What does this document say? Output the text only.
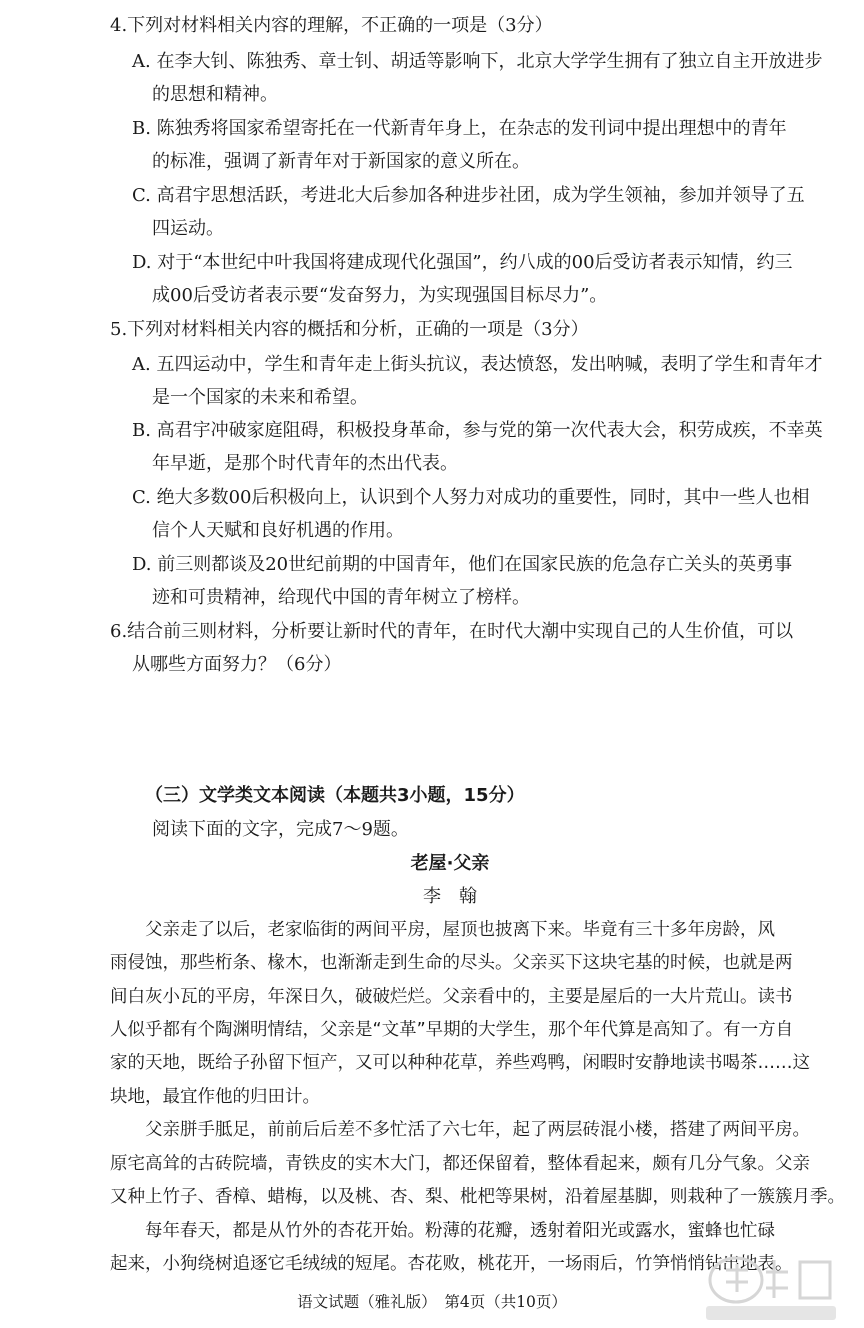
4.下列对材料相关内容的理解，不正确的一项是（3分）
A. 在李大钊、陈独秀、章士钊、胡适等影响下，北京大学学生拥有了独立自主开放进步
的思想和精神。
B. 陈独秀将国家希望寄托在一代新青年身上，在杂志的发刊词中提出理想中的青年
的标准，强调了新青年对于新国家的意义所在。
C. 高君宇思想活跃，考进北大后参加各种进步社团，成为学生领袖，参加并领导了五
四运动。
D. 对于“本世纪中叶我国将建成现代化强国”，约八成的00后受访者表示知情，约三
成00后受访者表示要“发奋努力，为实现强国目标尽力”。
5.下列对材料相关内容的概括和分析，正确的一项是（3分）
A. 五四运动中，学生和青年走上街头抗议，表达愤怒，发出呐喊，表明了学生和青年才
是一个国家的未来和希望。
B. 高君宇冲破家庭阻碍，积极投身革命，参与党的第一次代表大会，积劳成疾，不幸英
年早逝，是那个时代青年的杰出代表。
C. 绝大多数00后积极向上，认识到个人努力对成功的重要性，同时，其中一些人也相
信个人天赋和良好机遇的作用。
D. 前三则都谈及20世纪前期的中国青年，他们在国家民族的危急存亡关头的英勇事
迹和可贵精神，给现代中国的青年树立了榜样。
6.结合前三则材料，分析要让新时代的青年，在时代大潮中实现自己的人生价值，可以
从哪些方面努力？（6分）
（三）文学类文本阅读（本题共3小题，15分）
阅读下面的文字，完成7～9题。
老屋·父亲
李　翰
　　父亲走了以后，老家临街的两间平房，屋顶也披离下来。毕竟有三十多年房龄，风
雨侵蚀，那些桁条、椽木，也渐渐走到生命的尽头。父亲买下这块宅基的时候，也就是两
间白灰小瓦的平房，年深日久，破破烂烂。父亲看中的，主要是屋后的一大片荒山。读书
人似乎都有个陶渊明情结，父亲是“文革”早期的大学生，那个年代算是高知了。有一方自
家的天地，既给子孙留下恒产，又可以种种花草，养些鸡鸭，闲暇时安静地读书喝茶……这
块地，最宜作他的归田计。
　　父亲胼手胝足，前前后后差不多忙活了六七年，起了两层砖混小楼，搭建了两间平房。
原宅高耸的古砖院墙，青铁皮的实木大门，都还保留着，整体看起来，颇有几分气象。父亲
又种上竹子、香樟、蜡梅，以及桃、杏、梨、枇杷等果树，沿着屋基脚，则栽种了一簇簇月季。
　　每年春天，都是从竹外的杏花开始。粉薄的花瓣，透射着阳光或露水，蜜蜂也忙碌
起来，小狗绕树追逐它毛绒绒的短尾。杏花败，桃花开，一场雨后，竹笋悄悄钻出地表。
语文试题（雅礼版）　第4页（共10页）
